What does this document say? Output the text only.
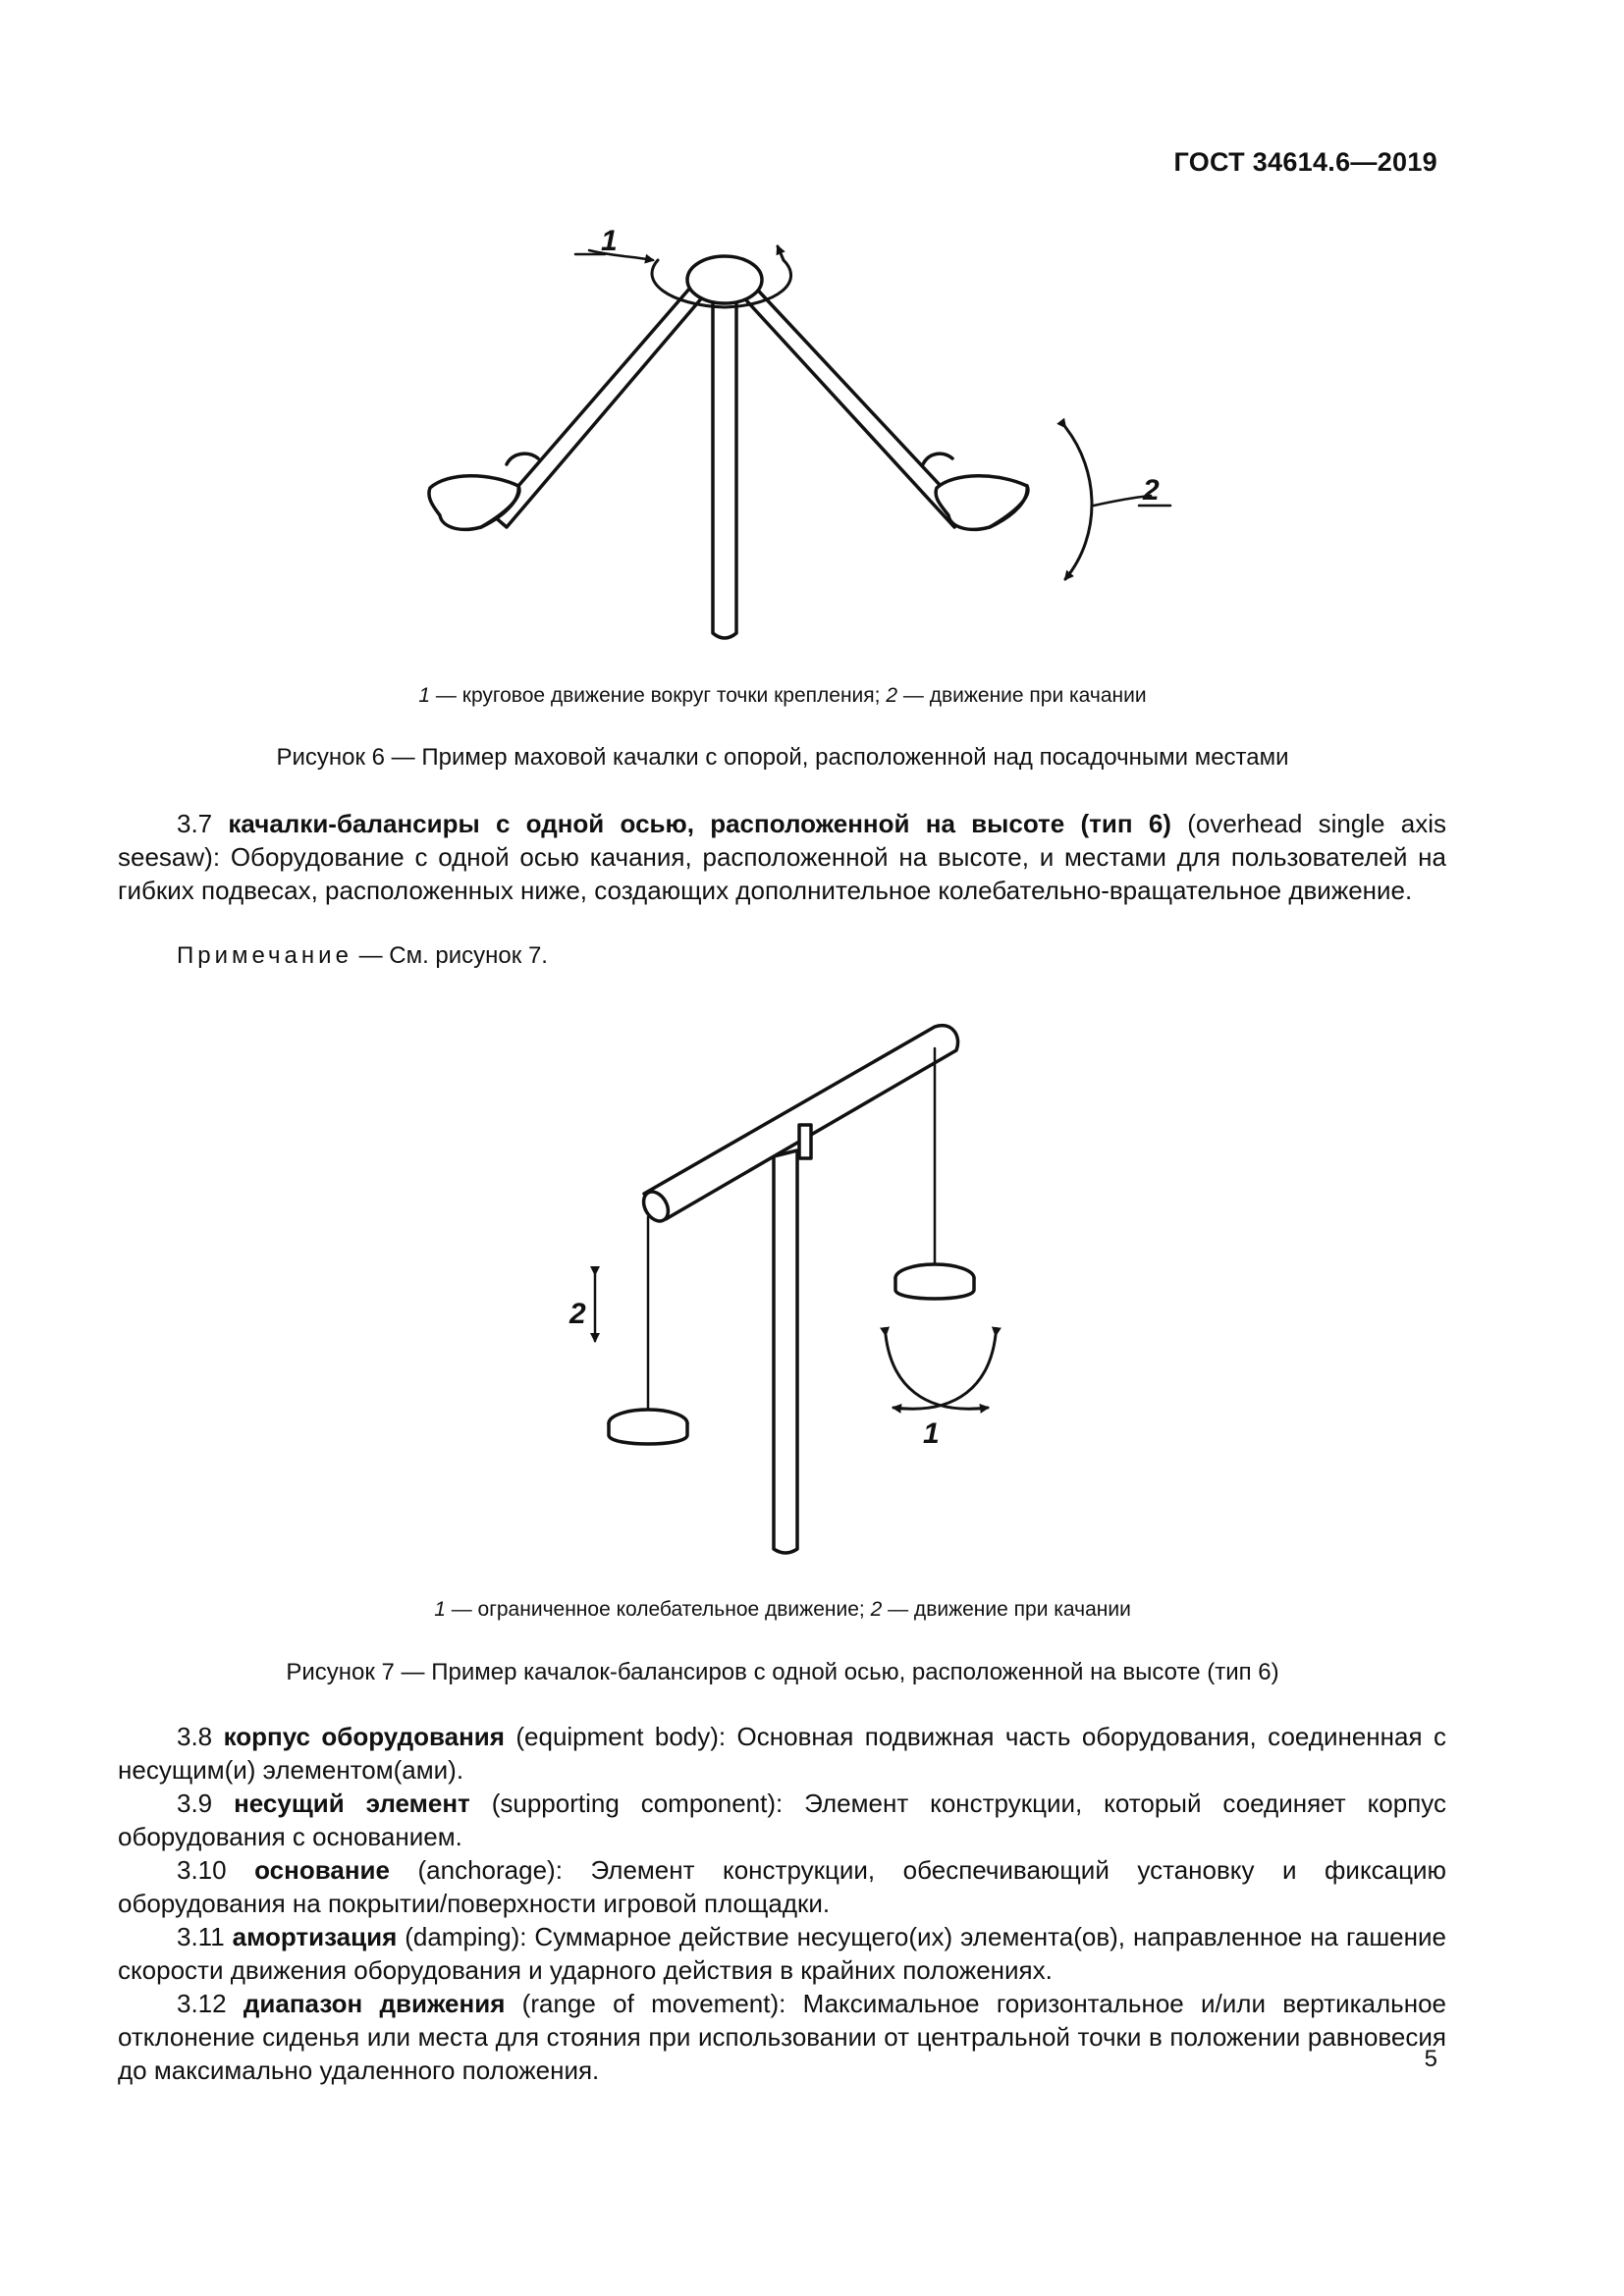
ГОСТ 34614.6—2019
1
2
1 — круговое движение вокруг точки крепления; 2 — движение при качании
Рисунок 6 — Пример маховой качалки с опорой, расположенной над посадочными местами

3.7 качалки-балансиры с одной осью, расположенной на высоте (тип 6) (overhead single axis seesaw): Оборудование с одной осью качания, расположенной на высоте, и местами для пользователей на гибких подвесах, расположенных ниже, создающих дополнительное колебательно-вращательное движение.

Примечание — См. рисунок 7.
2
1
1 — ограниченное колебательное движение; 2 — движение при качании
Рисунок 7 — Пример качалок-балансиров с одной осью, расположенной на высоте (тип 6)

3.8 корпус оборудования (equipment body): Основная подвижная часть оборудования, соединенная с несущим(и) элементом(ами).

3.9 несущий элемент (supporting component): Элемент конструкции, который соединяет корпус оборудования с основанием.

3.10 основание (anchorage): Элемент конструкции, обеспечивающий установку и фиксацию оборудования на покрытии/поверхности игровой площадки.

3.11 амортизация (damping): Суммарное действие несущего(их) элемента(ов), направленное на гашение скорости движения оборудования и ударного действия в крайних положениях.

3.12 диапазон движения (range of movement): Максимальное горизонтальное и/или вертикальное отклонение сиденья или места для стояния при использовании от центральной точки в положении равновесия до максимально удаленного положения.	5
